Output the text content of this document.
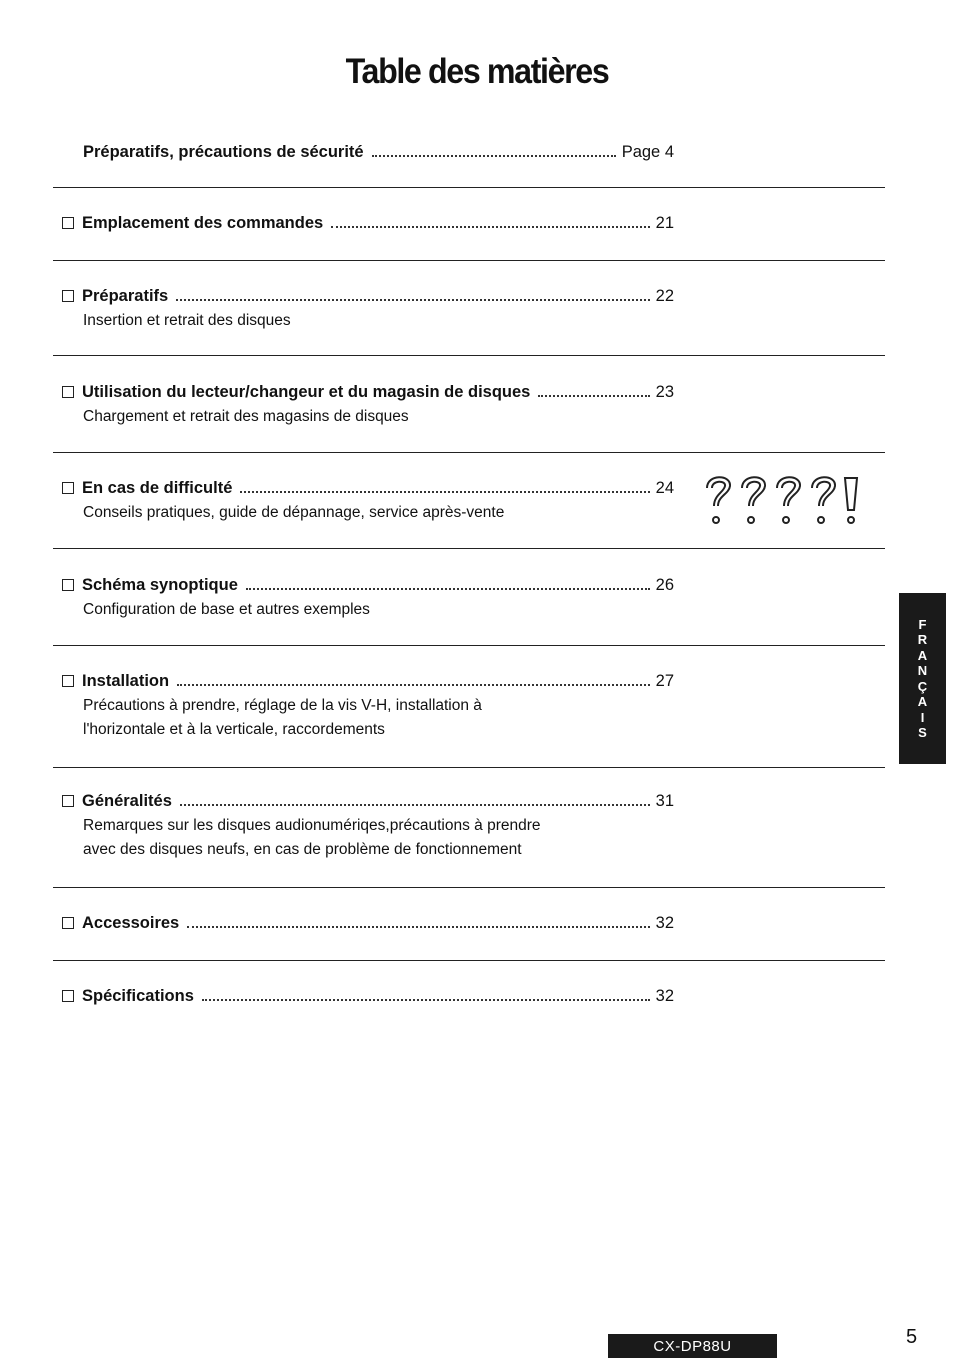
Table des matières
Préparatifs, précautions de sécurité	Page 4
Emplacement des commandes	21
Préparatifs	22
Insertion et retrait des disques
Utilisation du lecteur/changeur et du magasin de disques	23
Chargement et retrait des magasins de disques
En cas de difficulté	24
Conseils pratiques, guide de dépannage, service après-vente
Schéma synoptique	26
Configuration de base et autres exemples
Installation	27
Précautions à prendre, réglage de la vis V-H, installation à
l'horizontale et à la verticale, raccordements
Généralités	31
Remarques sur les disques audionumériqes,précautions à prendre
avec des disques neufs, en cas de problème de fonctionnement
Accessoires	32
Spécifications	32
F
R
A
N
Ç
A
I
S
CX-DP88U	5
